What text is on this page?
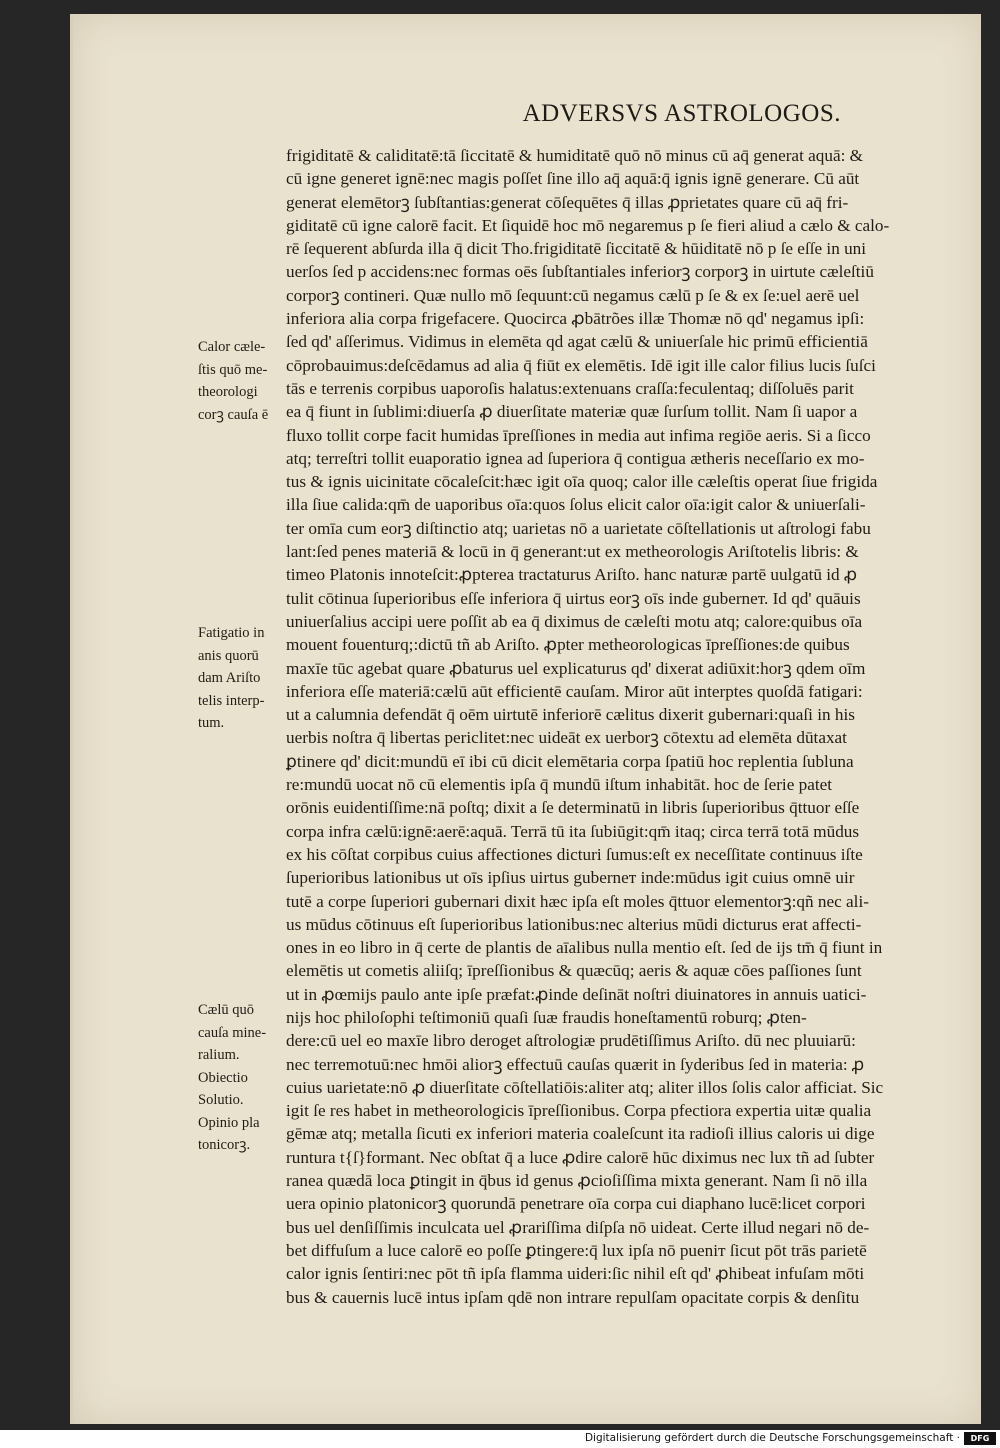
ADVERSVS ASTROLOGOS.
frigiditatē & caliditatē:tā ſiccitatē & humiditatē quō nō minus cū aq̄ generat aquā: &
cū igne generet ignē:nec magis poſſet ſine illo aq̄ aquā:q̄ ignis ignē generare. Cū aūt
generat elemētorꝫ ſubſtantias:generat cōſequētes q̄ illas ꝓprietates quare cū aq̄ fri-
giditatē cū igne calorē facit. Et ſiquidē hoc mō negaremus p ſe fieri aliud a cælo & calo-
rē ſequerent abſurda illa q̄ dicit Tho.frigiditatē ſiccitatē & hūiditatē nō p ſe eſſe in uni
uerſos ſed p accidens:nec formas oēs ſubſtantiales inferiorꝫ corporꝫ in uirtute cæleſtiū
corporꝫ contineri. Quæ nullo mō ſequunt:cū negamus cælū p ſe & ex ſe:uel aerē uel
inferiora alia corpa frigefacere. Quocirca ꝓbātrões illæ Thomæ nō qd' negamus ipſi:
ſed qd' aſſerimus. Vidimus in elemēta qd agat cælū & uniuerſale hic primū efficientiā
cōprobauimus:deſcēdamus ad alia q̄ fiūt ex elemētis. Idē igit ille calor filius lucis ſuſci
tās e terrenis corpibus uaporoſis halatus:extenuans craſſa:feculentaq; diſſoluēs parit
ea q̄ fiunt in ſublimi:diuerſa ꝓ diuerſitate materiæ quæ ſurſum tollit. Nam ſi uapor a
fluxo tollit corpe facit humidas īpreſſiones in media aut infima regiōe aeris. Si a ſicco
atq; terreſtri tollit euaporatio ignea ad ſuperiora q̄ contigua ætheris neceſſario ex mo-
tus & ignis uicinitate cōcaleſcit:hæc igit oīa quoq; calor ille cæleſtis operat ſiue frigida
illa ſiue calida:qm̄ de uaporibus oīa:quos ſolus elicit calor oīa:igit calor & uniuerſali-
ter omīa cum eorꝫ diſtinctio atq; uarietas nō a uarietate cōſtellationis ut aſtrologi fabu
lant:ſed penes materiā & locū in q̄ generant:ut ex metheorologis Ariſtotelis libris: &
timeo Platonis innoteſcit:ꝓpterea tractaturus Ariſto. hanc naturæ partē uulgatū id ꝓ
tulit cōtinua ſuperioribus eſſe inferiora q̄ uirtus eorꝫ oīs inde guberneт. Id qd' quāuis
uniuerſalius accipi uere poſſit ab ea q̄ diximus de cæleſti motu atq; calore:quibus oīa
mouent fouenturq;:dictū tñ ab Ariſto. ꝓpter metheorologicas īpreſſiones:de quibus
maxīe tūc agebat quare ꝓbaturus uel explicaturus qd' dixerat adiūxit:horꝫ qdem oīm
inferiora eſſe materiā:cælū aūt efficientē cauſam. Miror aūt interptes quoſdā fatigari:
ut a calumnia defendāt q̄ oēm uirtutē inferiorē cælitus dixerit gubernari:quaſi in his
uerbis noſtra q̄ libertas periclitet:nec uideāt ex uerborꝫ cōtextu ad elemēta dūtaxat
ꝑtinere qd' dicit:mundū eī ibi cū dicit elemētaria corpa ſpatiū hoc replentia ſubluna
re:mundū uocat nō cū elementis ipſa q̄ mundū iſtum inhabitāt. hoc de ſerie patet
orōnis euidentiſſime:nā poſtq; dixit a ſe determinatū in libris ſuperioribus q̄ttuor eſſe
corpa infra cælū:ignē:aerē:aquā. Terrā tū ita ſubiūgit:qm̄ itaq; circa terrā totā mūdus
ex his cōſtat corpibus cuius affectiones dicturi ſumus:eſt ex neceſſitate continuus iſte
ſuperioribus lationibus ut oīs ipſius uirtus guberneт inde:mūdus igit cuius omnē uir
tutē a corpe ſuperiori gubernari dixit hæc ipſa eſt moles q̄ttuor elementorꝫ:qñ nec ali-
us mūdus cōtinuus eſt ſuperioribus lationibus:nec alterius mūdi dicturus erat affecti-
ones in eo libro in q̄ certe de plantis de aīalibus nulla mentio eſt. ſed de ijs tm̄ q̄ fiunt in
elemētis ut cometis aliiſq; īpreſſionibus & quæcūq; aeris & aquæ cōes paſſiones ſunt
ut in ꝓœmijs paulo ante ipſe præfat:ꝓinde deſināt noſtri diuinatores in annuis uatici-
nijs hoc philoſophi teſtimoniū quaſi ſuæ fraudis honeſtamentū roburq; ꝓten-
dere:cū uel eo maxīe libro deroget aſtrologiæ prudētiſſimus Ariſto. dū nec pluuiarū:
nec terremotuū:nec hmōi aliorꝫ effectuū cauſas quærit in ſyderibus ſed in materia: ꝓ
cuius uarietate:nō ꝓ diuerſitate cōſtellatiōis:aliter atq; aliter illos ſolis calor afficiat. Sic
igit ſe res habet in metheorologicis īpreſſionibus. Corpa pfectiora expertia uitæ qualia
gēmæ atq; metalla ſicuti ex inferiori materia coaleſcunt ita radioſi illius caloris ui dige
runtura t{ſ}formant. Nec obſtat q̄ a luce ꝓdire calorē hūc diximus nec lux tñ ad ſubter
ranea quædā loca ꝑtingit in q̄bus id genus ꝓcioſiſſima mixta generant. Nam ſi nō illa
uera opinio platonicorꝫ quorundā penetrare oīa corpa cui diaphano lucē:licet corpori
bus uel denſiſſimis inculcata uel ꝓrariſſima diſpſa nō uideat. Certe illud negari nō de-
bet diffuſum a luce calorē eo poſſe ꝑtingere:q̄ lux ipſa nō pueniт ſicut pōt trās parietē
calor ignis ſentiri:nec pōt tñ ipſa flamma uideri:ſic nihil eſt qd' ꝓhibeat infuſam mōti
bus & cauernis lucē intus ipſam qdē non intrare repulſam opacitate corpis & denſitu
Calor cæle-
ſtis quō me-
theorologi
corꝫ cauſa ē
Fatigatio in
anis quorū
dam Ariſto
telis interp-
tum.
Cælū quō
cauſa mine-
ralium.
Obiectio
Solutio.
Opinio pla
tonicorꝫ.
Digitalisierung gefördert durch die Deutsche Forschungsgemeinschaft ·	DFG
